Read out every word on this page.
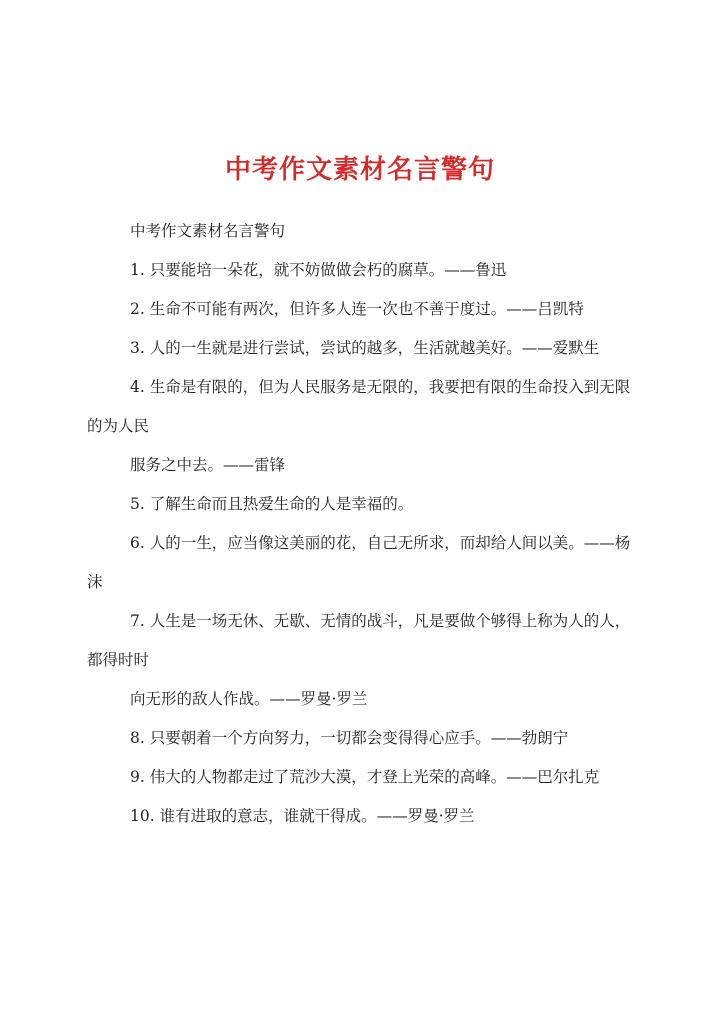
中考作文素材名言警句

中考作文素材名言警句

1. 只要能培一朵花，就不妨做做会朽的腐草。——鲁迅

2. 生命不可能有两次，但许多人连一次也不善于度过。——吕凯特

3. 人的一生就是进行尝试，尝试的越多，生活就越美好。——爱默生

4. 生命是有限的，但为人民服务是无限的，我要把有限的生命投入到无限的为人民

服务之中去。——雷锋

5. 了解生命而且热爱生命的人是幸福的。

6. 人的一生，应当像这美丽的花，自己无所求，而却给人间以美。——杨沫

7. 人生是一场无休、无歇、无情的战斗，凡是要做个够得上称为人的人，都得时时

向无形的敌人作战。——罗曼·罗兰

8. 只要朝着一个方向努力，一切都会变得得心应手。——勃朗宁

9. 伟大的人物都走过了荒沙大漠，才登上光荣的高峰。——巴尔扎克

10. 谁有进取的意志，谁就干得成。——罗曼·罗兰
